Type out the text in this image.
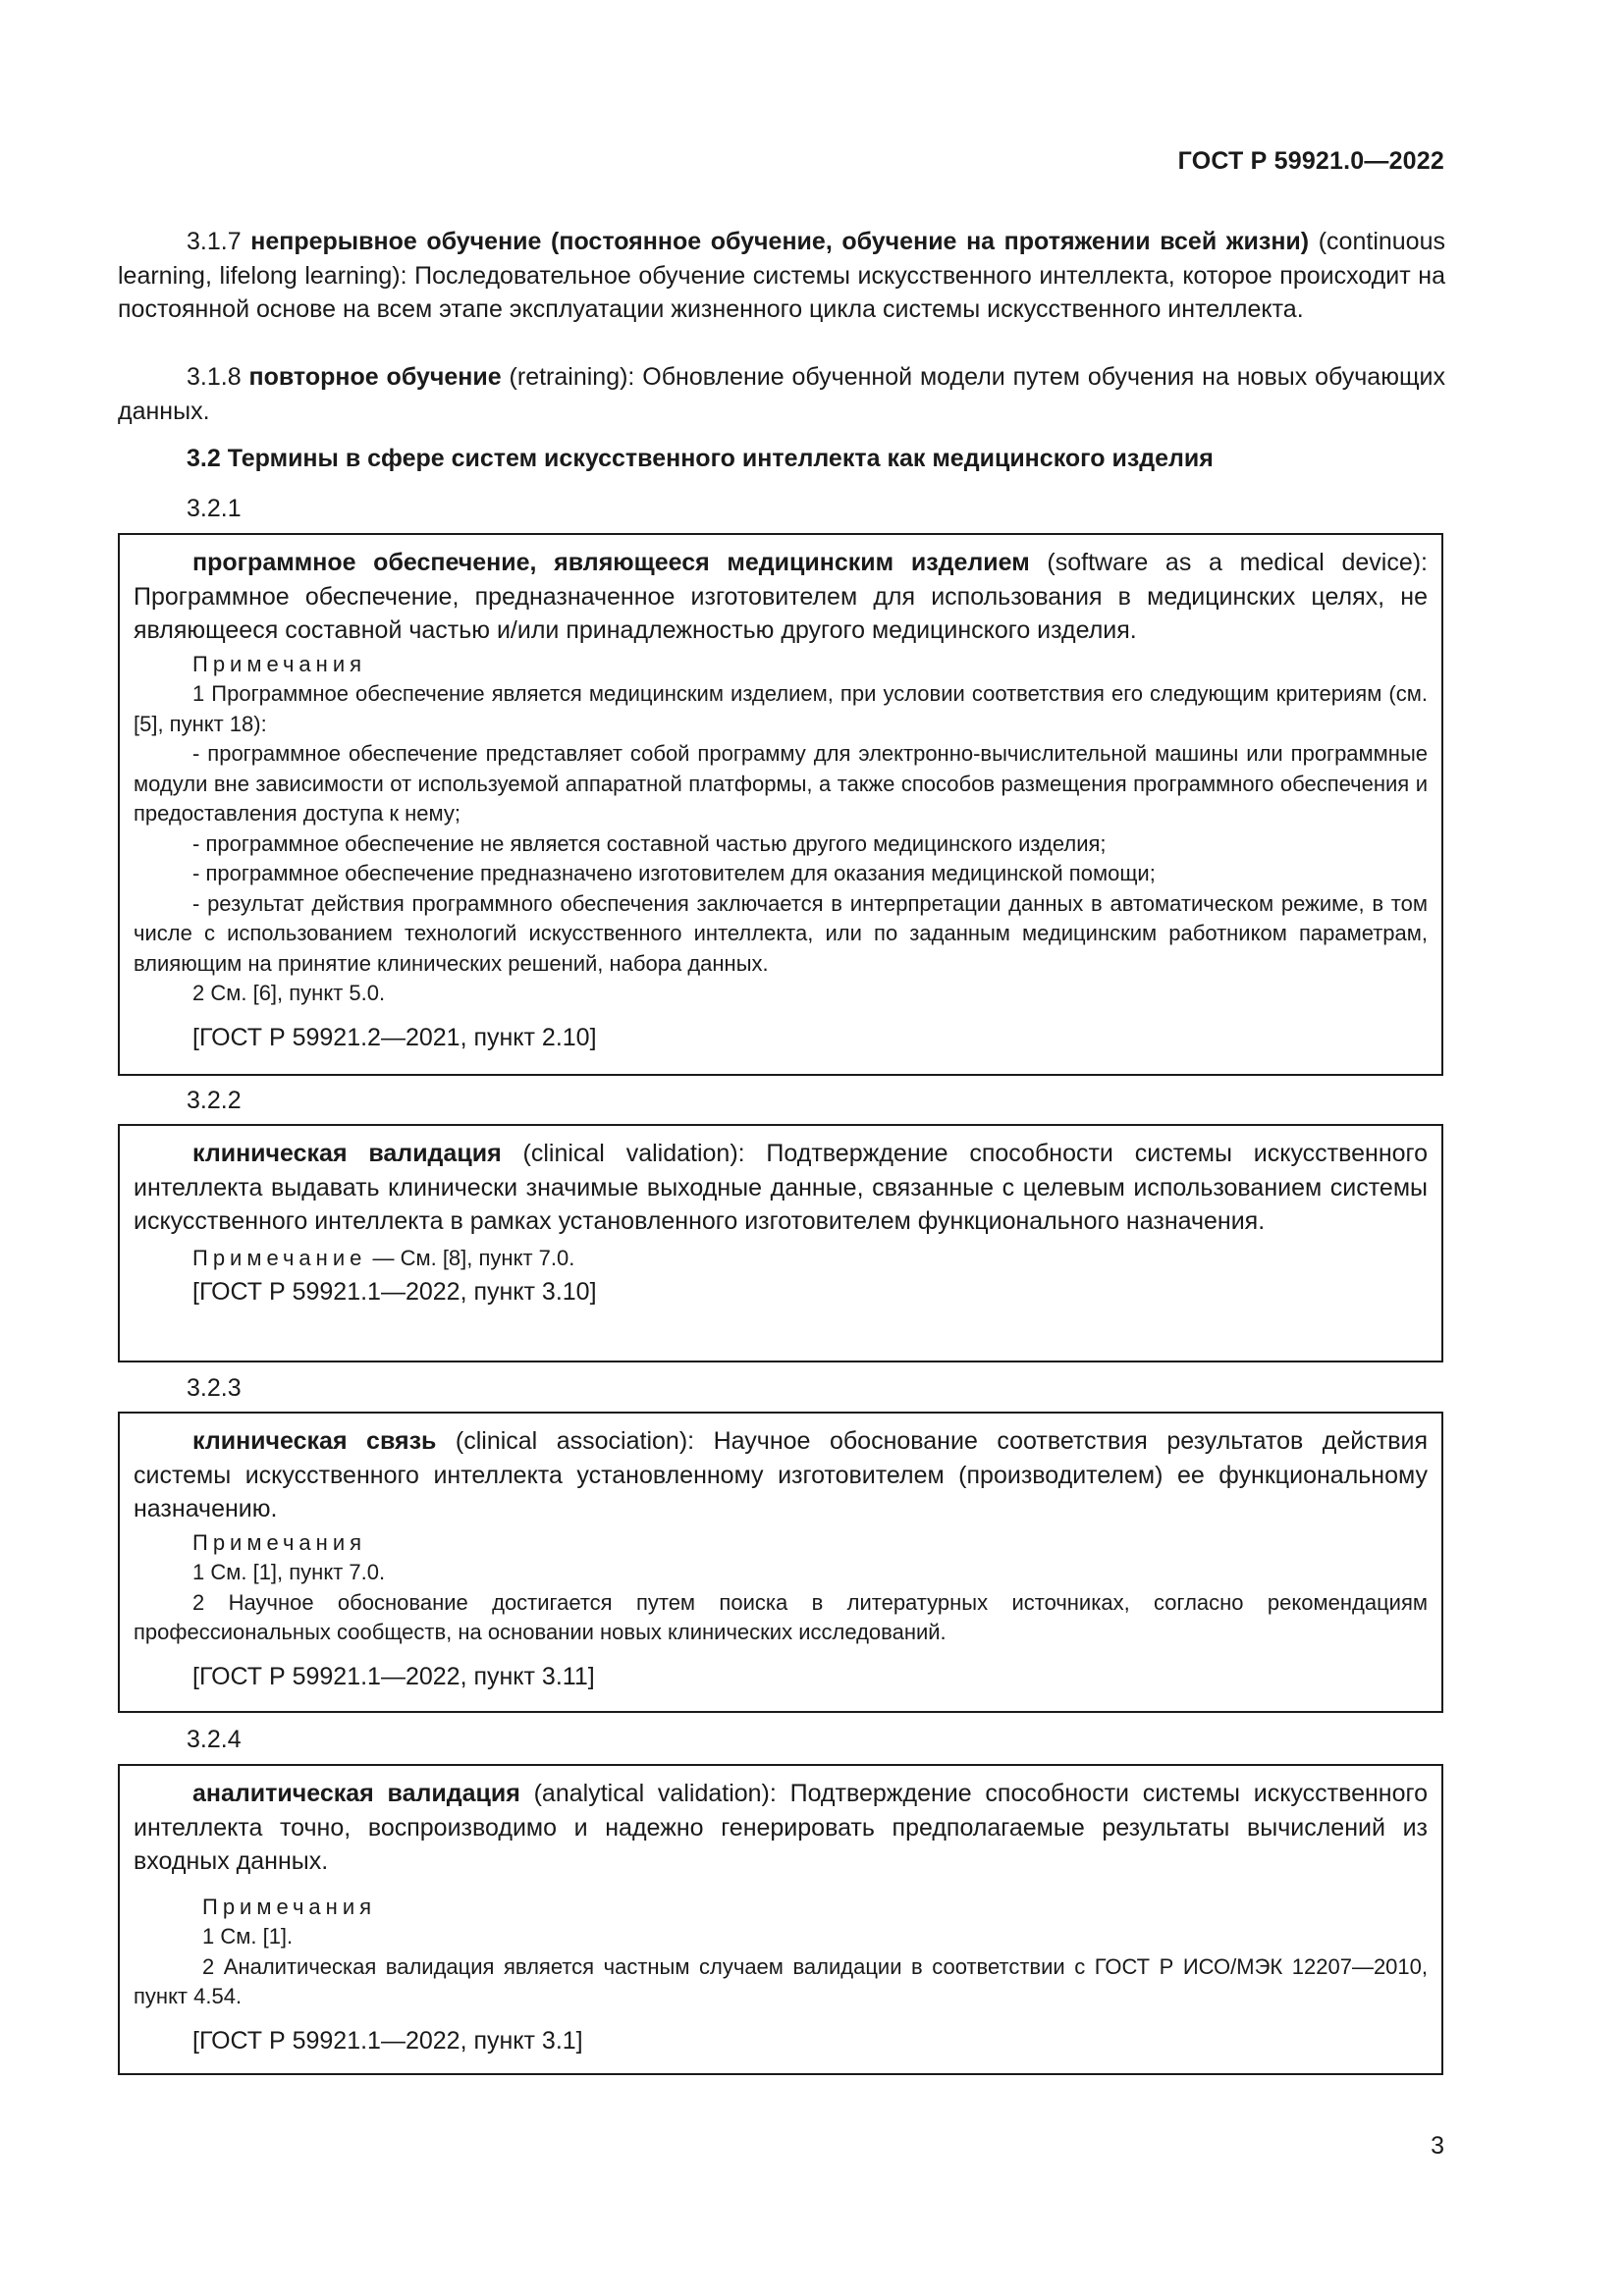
ГОСТ Р 59921.0—2022
3.1.7 непрерывное обучение (постоянное обучение, обучение на протяжении всей жизни) (continuous learning, lifelong learning): Последовательное обучение системы искусственного интеллекта, которое происходит на постоянной основе на всем этапе эксплуатации жизненного цикла системы искусственного интеллекта.
3.1.8 повторное обучение (retraining): Обновление обученной модели путем обучения на новых обучающих данных.
3.2 Термины в сфере систем искусственного интеллекта как медицинского изделия
3.2.1

программное обеспечение, являющееся медицинским изделием (software as a medical device): Программное обеспечение, предназначенное изготовителем для использования в медицинских целях, не являющееся составной частью и/или принадлежностью другого медицинского изделия.

Примечания

1 Программное обеспечение является медицинским изделием, при условии соответствия его следующим критериям (см. [5], пункт 18):

- программное обеспечение представляет собой программу для электронно-вычислительной машины или программные модули вне зависимости от используемой аппаратной платформы, а также способов размещения программного обеспечения и предоставления доступа к нему;

- программное обеспечение не является составной частью другого медицинского изделия;

- программное обеспечение предназначено изготовителем для оказания медицинской помощи;

- результат действия программного обеспечения заключается в интерпретации данных в автоматическом режиме, в том числе с использованием технологий искусственного интеллекта, или по заданным медицинским работником параметрам, влияющим на принятие клинических решений, набора данных.

2 См. [6], пункт 5.0.

[ГОСТ Р 59921.2—2021, пункт 2.10]

3.2.2

клиническая валидация (clinical validation): Подтверждение способности системы искусственного интеллекта выдавать клинически значимые выходные данные, связанные с целевым использованием системы искусственного интеллекта в рамках установленного изготовителем функционального назначения.

Примечание — См. [8], пункт 7.0.

[ГОСТ Р 59921.1—2022, пункт 3.10]

3.2.3

клиническая связь (clinical association): Научное обоснование соответствия результатов действия системы искусственного интеллекта установленному изготовителем (производителем) ее функциональному назначению.

Примечания

1 См. [1], пункт 7.0.

2 Научное обоснование достигается путем поиска в литературных источниках, согласно рекомендациям профессиональных сообществ, на основании новых клинических исследований.

[ГОСТ Р 59921.1—2022, пункт 3.11]

3.2.4

аналитическая валидация (analytical validation): Подтверждение способности системы искусственного интеллекта точно, воспроизводимо и надежно генерировать предполагаемые результаты вычислений из входных данных.

Примечания

1 См. [1].

2 Аналитическая валидация является частным случаем валидации в соответствии с ГОСТ Р ИСО/МЭК 12207—2010, пункт 4.54.

[ГОСТ Р 59921.1—2022, пункт 3.1]

3
